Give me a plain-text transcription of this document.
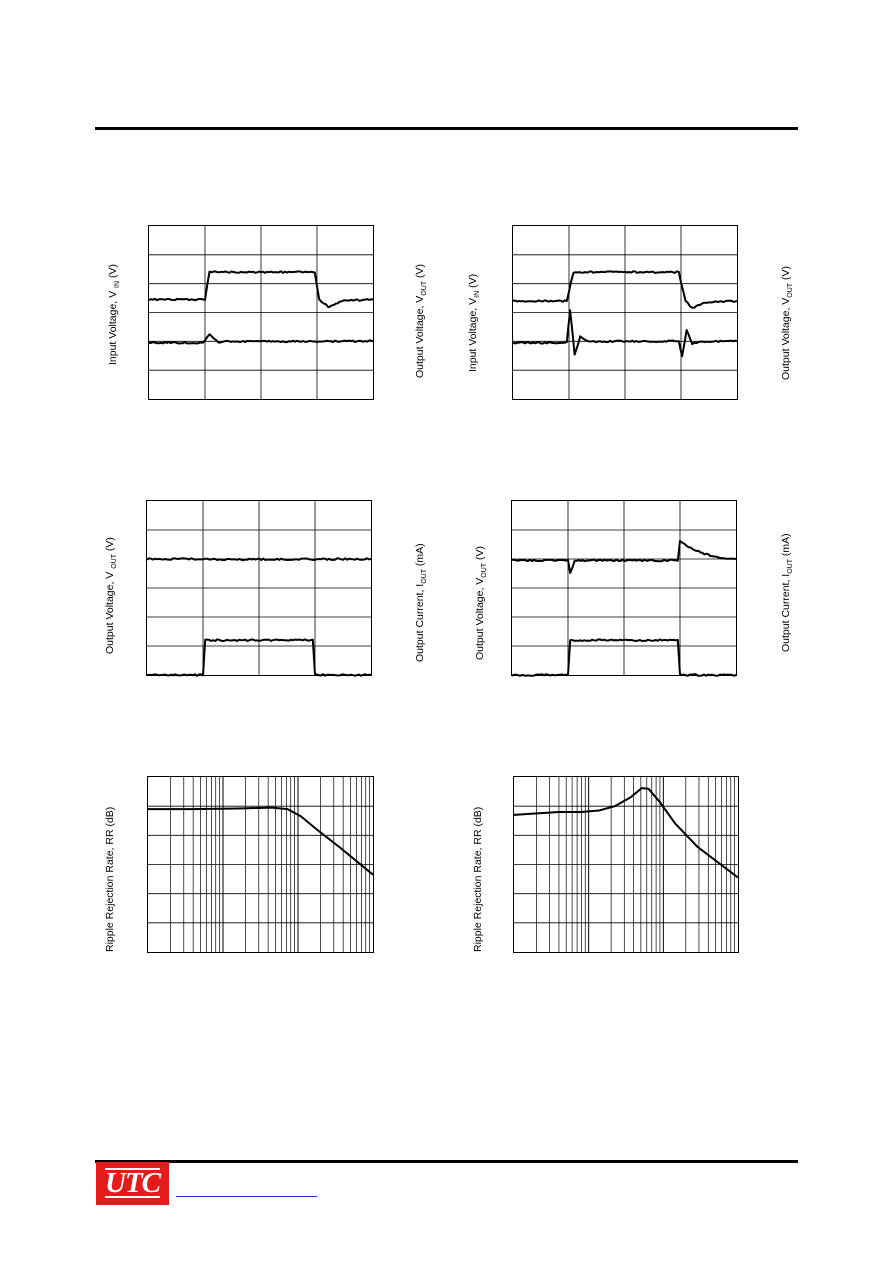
Input Voltage, V $_{IN}$ (V)
Output Voltage, $V_{OUT}$ (V)
Input Voltage, $V_{IN}$ (V)
Output Voltage, $V_{OUT}$ (V)
Output Voltage, V $_{OUT}$ (V)
Output Current, $I_{OUT}$ (mA)
Output Voltage, $V_{OUT}$ (V)
Output Current, $I_{OUT}$ (mA)
Ripple Rejection Rate, RR (dB)	Ripple Rejection Rate, RR (dB)
UTC
